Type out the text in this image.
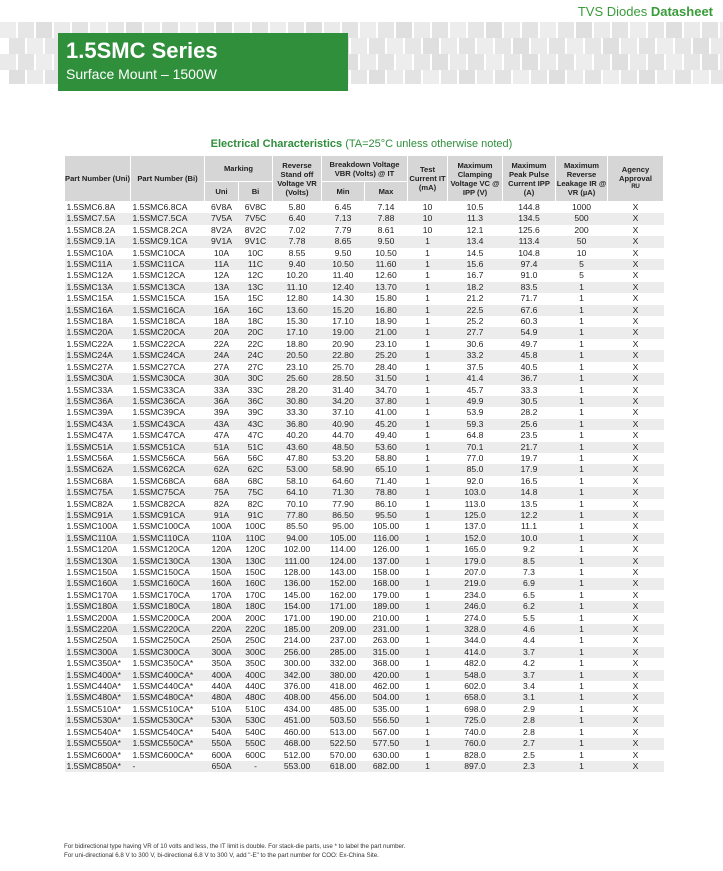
TVS Diodes Datasheet
1.5SMC Series
Surface Mount – 1500W
Electrical Characteristics (TA=25°C unless otherwise noted)
Part Number (Uni)	Part Number (Bi)	Marking		Reverse Stand off Voltage VR (Volts)	Breakdown Voltage VBR (Volts) @ IT		Test Current IT (mA)	Maximum Clamping Voltage VC @ IPP (V)	Maximum Peak Pulse Current IPP (A)	Maximum Reverse Leakage IR @ VR (µA)	Agency Approval
ᴿᵁ

		Uni	Bi		Min	Max					
1.5SMC6.8A	1.5SMC6.8CA	6V8A	6V8C	5.80	6.45	7.14	10	10.5	144.8	1000	X
1.5SMC7.5A	1.5SMC7.5CA	7V5A	7V5C	6.40	7.13	7.88	10	11.3	134.5	500	X
1.5SMC8.2A	1.5SMC8.2CA	8V2A	8V2C	7.02	7.79	8.61	10	12.1	125.6	200	X
1.5SMC9.1A	1.5SMC9.1CA	9V1A	9V1C	7.78	8.65	9.50	1	13.4	113.4	50	X
1.5SMC10A	1.5SMC10CA	10A	10C	8.55	9.50	10.50	1	14.5	104.8	10	X
1.5SMC11A	1.5SMC11CA	11A	11C	9.40	10.50	11.60	1	15.6	97.4	5	X
1.5SMC12A	1.5SMC12CA	12A	12C	10.20	11.40	12.60	1	16.7	91.0	5	X
1.5SMC13A	1.5SMC13CA	13A	13C	11.10	12.40	13.70	1	18.2	83.5	1	X
1.5SMC15A	1.5SMC15CA	15A	15C	12.80	14.30	15.80	1	21.2	71.7	1	X
1.5SMC16A	1.5SMC16CA	16A	16C	13.60	15.20	16.80	1	22.5	67.6	1	X
1.5SMC18A	1.5SMC18CA	18A	18C	15.30	17.10	18.90	1	25.2	60.3	1	X
1.5SMC20A	1.5SMC20CA	20A	20C	17.10	19.00	21.00	1	27.7	54.9	1	X
1.5SMC22A	1.5SMC22CA	22A	22C	18.80	20.90	23.10	1	30.6	49.7	1	X
1.5SMC24A	1.5SMC24CA	24A	24C	20.50	22.80	25.20	1	33.2	45.8	1	X
1.5SMC27A	1.5SMC27CA	27A	27C	23.10	25.70	28.40	1	37.5	40.5	1	X
1.5SMC30A	1.5SMC30CA	30A	30C	25.60	28.50	31.50	1	41.4	36.7	1	X
1.5SMC33A	1.5SMC33CA	33A	33C	28.20	31.40	34.70	1	45.7	33.3	1	X
1.5SMC36A	1.5SMC36CA	36A	36C	30.80	34.20	37.80	1	49.9	30.5	1	X
1.5SMC39A	1.5SMC39CA	39A	39C	33.30	37.10	41.00	1	53.9	28.2	1	X
1.5SMC43A	1.5SMC43CA	43A	43C	36.80	40.90	45.20	1	59.3	25.6	1	X
1.5SMC47A	1.5SMC47CA	47A	47C	40.20	44.70	49.40	1	64.8	23.5	1	X
1.5SMC51A	1.5SMC51CA	51A	51C	43.60	48.50	53.60	1	70.1	21.7	1	X
1.5SMC56A	1.5SMC56CA	56A	56C	47.80	53.20	58.80	1	77.0	19.7	1	X
1.5SMC62A	1.5SMC62CA	62A	62C	53.00	58.90	65.10	1	85.0	17.9	1	X
1.5SMC68A	1.5SMC68CA	68A	68C	58.10	64.60	71.40	1	92.0	16.5	1	X
1.5SMC75A	1.5SMC75CA	75A	75C	64.10	71.30	78.80	1	103.0	14.8	1	X
1.5SMC82A	1.5SMC82CA	82A	82C	70.10	77.90	86.10	1	113.0	13.5	1	X
1.5SMC91A	1.5SMC91CA	91A	91C	77.80	86.50	95.50	1	125.0	12.2	1	X
1.5SMC100A	1.5SMC100CA	100A	100C	85.50	95.00	105.00	1	137.0	11.1	1	X
1.5SMC110A	1.5SMC110CA	110A	110C	94.00	105.00	116.00	1	152.0	10.0	1	X
1.5SMC120A	1.5SMC120CA	120A	120C	102.00	114.00	126.00	1	165.0	9.2	1	X
1.5SMC130A	1.5SMC130CA	130A	130C	111.00	124.00	137.00	1	179.0	8.5	1	X
1.5SMC150A	1.5SMC150CA	150A	150C	128.00	143.00	158.00	1	207.0	7.3	1	X
1.5SMC160A	1.5SMC160CA	160A	160C	136.00	152.00	168.00	1	219.0	6.9	1	X
1.5SMC170A	1.5SMC170CA	170A	170C	145.00	162.00	179.00	1	234.0	6.5	1	X
1.5SMC180A	1.5SMC180CA	180A	180C	154.00	171.00	189.00	1	246.0	6.2	1	X
1.5SMC200A	1.5SMC200CA	200A	200C	171.00	190.00	210.00	1	274.0	5.5	1	X
1.5SMC220A	1.5SMC220CA	220A	220C	185.00	209.00	231.00	1	328.0	4.6	1	X
1.5SMC250A	1.5SMC250CA	250A	250C	214.00	237.00	263.00	1	344.0	4.4	1	X
1.5SMC300A	1.5SMC300CA	300A	300C	256.00	285.00	315.00	1	414.0	3.7	1	X
1.5SMC350A*	1.5SMC350CA*	350A	350C	300.00	332.00	368.00	1	482.0	4.2	1	X
1.5SMC400A*	1.5SMC400CA*	400A	400C	342.00	380.00	420.00	1	548.0	3.7	1	X
1.5SMC440A*	1.5SMC440CA*	440A	440C	376.00	418.00	462.00	1	602.0	3.4	1	X
1.5SMC480A*	1.5SMC480CA*	480A	480C	408.00	456.00	504.00	1	658.0	3.1	1	X
1.5SMC510A*	1.5SMC510CA*	510A	510C	434.00	485.00	535.00	1	698.0	2.9	1	X
1.5SMC530A*	1.5SMC530CA*	530A	530C	451.00	503.50	556.50	1	725.0	2.8	1	X
1.5SMC540A*	1.5SMC540CA*	540A	540C	460.00	513.00	567.00	1	740.0	2.8	1	X
1.5SMC550A*	1.5SMC550CA*	550A	550C	468.00	522.50	577.50	1	760.0	2.7	1	X
1.5SMC600A*	1.5SMC600CA*	600A	600C	512.00	570.00	630.00	1	828.0	2.5	1	X
1.5SMC850A*	-	650A	-	553.00	618.00	682.00	1	897.0	2.3	1	X
For bidirectional type having VR of 10 volts and less, the IT limit is double. For stack-die parts, use * to label the part number.
For uni-directional 6.8 V to 300 V, bi-directional 6.8 V to 300 V, add "-E" to the part number for COO: Ex-China Site.
